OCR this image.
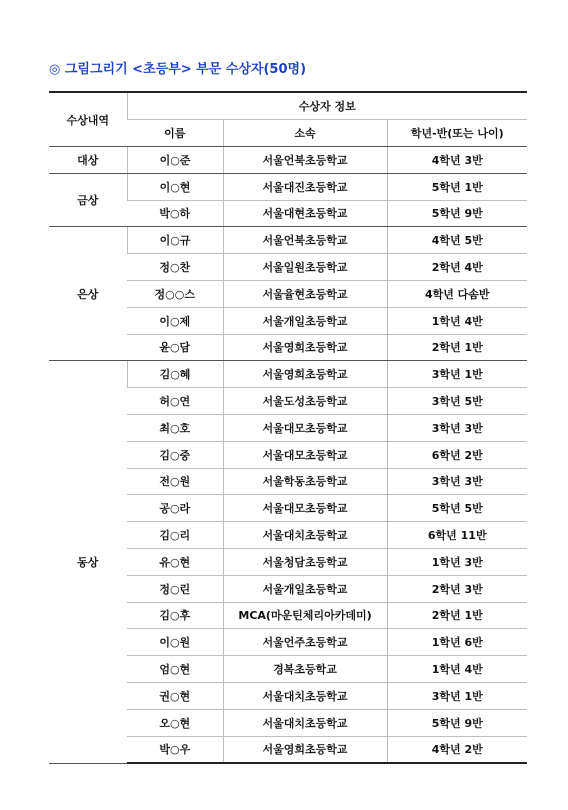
◎ 그림그리기 <초등부> 부문 수상자(50명)
수상내역	수상자 정보		
	이름	소속	학년-반(또는 나이)
대상	이○준	서울언북초등학교	4학년 3반
금상	이○현	서울대진초등학교	5학년 1반
	박○하	서울대현초등학교	5학년 9반
은상	이○규	서울언북초등학교	4학년 5반
	정○찬	서울일원초등학교	2학년 4반
	정○○스	서울율현초등학교	4학년 다솜반
	이○제	서울개일초등학교	1학년 4반
	윤○담	서울영희초등학교	2학년 1반
동상	김○혜	서울영희초등학교	3학년 1반
	허○연	서울도성초등학교	3학년 5반
	최○호	서울대모초등학교	3학년 3반
	김○중	서울대모초등학교	6학년 2반
	전○원	서울학동초등학교	3학년 3반
	공○라	서울대모초등학교	5학년 5반
	김○리	서울대치초등학교	6학년 11반
	유○현	서울청담초등학교	1학년 3반
	정○린	서울개일초등학교	2학년 3반
	김○후	MCA(마운틴체리아카데미)	2학년 1반
	이○원	서울언주초등학교	1학년 6반
	엄○현	경복초등학교	1학년 4반
	권○현	서울대치초등학교	3학년 1반
	오○현	서울대치초등학교	5학년 9반
	박○우	서울영희초등학교	4학년 2반
